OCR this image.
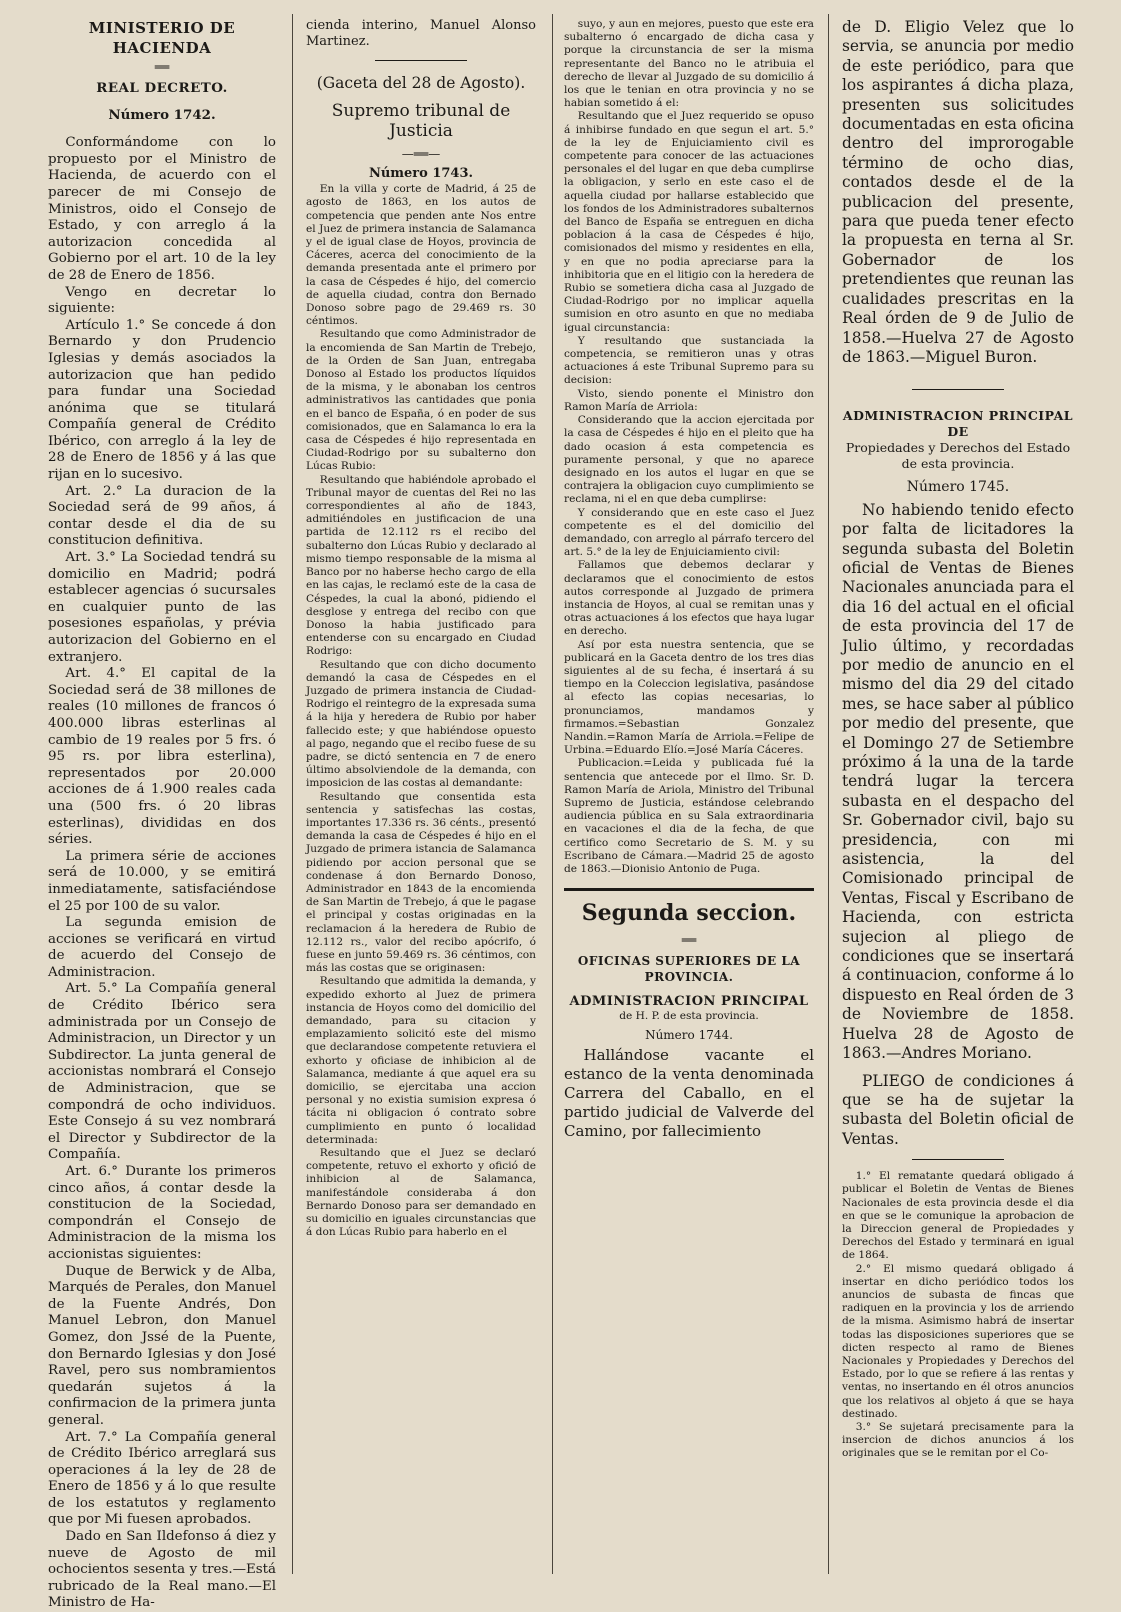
MINISTERIO DE HACIENDA

══

REAL DECRETO.

Número 1742.

Conformándome con lo propuesto por el Ministro de Hacienda, de acuerdo con el parecer de mi Consejo de Ministros, oido el Consejo de Estado, y con arreglo á la autorizacion concedida al Gobierno por el art. 10 de la ley de 28 de Enero de 1856.

Vengo en decretar lo siguiente:

Artículo 1.° Se concede á don Bernardo y don Prudencio Iglesias y demás asociados la autorizacion que han pedido para fundar una Sociedad anónima que se titulará Compañía general de Crédito Ibérico, con arreglo á la ley de 28 de Enero de 1856 y á las que rijan en lo sucesivo.

Art. 2.° La duracion de la Sociedad será de 99 años, á contar desde el dia de su constitucion definitiva.

Art. 3.° La Sociedad tendrá su domicilio en Madrid; podrá establecer agencias ó sucursales en cualquier punto de las posesiones españolas, y prévia autorizacion del Gobierno en el extranjero.

Art. 4.° El capital de la Sociedad será de 38 millones de reales (10 millones de francos ó 400.000 libras esterlinas al cambio de 19 reales por 5 frs. ó 95 rs. por libra esterlina), representados por 20.000 acciones de á 1.900 reales cada una (500 frs. ó 20 libras esterlinas), divididas en dos séries.

La primera série de acciones será de 10.000, y se emitirá inmediatamente, satisfaciéndose el 25 por 100 de su valor.

La segunda emision de acciones se verificará en virtud de acuerdo del Consejo de Administracion.

Art. 5.° La Compañía general de Crédito Ibérico sera administrada por un Consejo de Administracion, un Director y un Subdirector. La junta general de accionistas nombrará el Consejo de Administracion, que se compondrá de ocho individuos. Este Consejo á su vez nombrará el Director y Subdirector de la Compañía.

Art. 6.° Durante los primeros cinco años, á contar desde la constitucion de la Sociedad, compondrán el Consejo de Administracion de la misma los accionistas siguientes:

Duque de Berwick y de Alba, Marqués de Perales, don Manuel de la Fuente Andrés, Don Manuel Lebron, don Manuel Gomez, don Jssé de la Puente, don Bernardo Iglesias y don José Ravel, pero sus nombramientos quedarán sujetos á la confirmacion de la primera junta general.

Art. 7.° La Compañía general de Crédito Ibérico arreglará sus operaciones á la ley de 28 de Enero de 1856 y á lo que resulte de los estatutos y reglamento que por Mi fuesen aprobados.

Dado en San Ildefonso á diez y nueve de Agosto de mil ochocientos sesenta y tres.—Está rubricado de la Real mano.—El Ministro de Ha-

cienda interino, Manuel Alonso Martinez.

(Gaceta del 28 de Agosto).

Supremo tribunal de Justicia

—══—

Número 1743.

En la villa y corte de Madrid, á 25 de agosto de 1863, en los autos de competencia que penden ante Nos entre el Juez de primera instancia de Salamanca y el de igual clase de Hoyos, provincia de Cáceres, acerca del conocimiento de la demanda presentada ante el primero por la casa de Céspedes é hijo, del comercio de aquella ciudad, contra don Bernado Donoso sobre pago de 29.469 rs. 30 céntimos.

Resultando que como Administrador de la encomienda de San Martin de Trebejo, de la Orden de San Juan, entregaba Donoso al Estado los productos líquidos de la misma, y le abonaban los centros administrativos las cantidades que ponia en el banco de España, ó en poder de sus comisionados, que en Salamanca lo era la casa de Céspedes é hijo representada en Ciudad-Rodrigo por su subalterno don Lúcas Rubio:

Resultando que habiéndole aprobado el Tribunal mayor de cuentas del Rei no las correspondientes al año de 1843, admitiéndoles en justificacion de una partida de 12.112 rs el recibo del subalterno don Lúcas Rubio y declarado al mismo tiempo responsable de la misma al Banco por no haberse hecho cargo de ella en las cajas, le reclamó este de la casa de Céspedes, la cual la abonó, pidiendo el desglose y entrega del recibo con que Donoso la habia justificado para entenderse con su encargado en Ciudad Rodrigo:

Resultando que con dicho documento demandó la casa de Céspedes en el Juzgado de primera instancia de Ciudad-Rodrigo el reintegro de la expresada suma á la hija y heredera de Rubio por haber fallecido este; y que habiéndose opuesto al pago, negando que el recibo fuese de su padre, se dictó sentencia en 7 de enero último absolviendole de la demanda, con imposicion de las costas al demandante:

Resultando que consentida esta sentencia y satisfechas las costas, importantes 17.336 rs. 36 cénts., presentó demanda la casa de Céspedes é hijo en el Juzgado de primera istancia de Salamanca pidiendo por accion personal que se condenase á don Bernardo Donoso, Administrador en 1843 de la encomienda de San Martin de Trebejo, á que le pagase el principal y costas originadas en la reclamacion á la heredera de Rubio de 12.112 rs., valor del recibo apócrifo, ó fuese en junto 59.469 rs. 36 céntimos, con más las costas que se originasen:

Resultando que admitida la demanda, y expedido exhorto al Juez de primera instancia de Hoyos como del domicilio del demandado, para su citacion y emplazamiento solicitó este del mismo que declarandose competente retuviera el exhorto y oficiase de inhibicion al de Salamanca, mediante á que aquel era su domicilio, se ejercitaba una accion personal y no existia sumision expresa ó tácita ni obligacion ó contrato sobre cumplimiento en punto ó localidad determinada:

Resultando que el Juez se declaró competente, retuvo el exhorto y ofició de inhibicion al de Salamanca, manifestándole consideraba á don Bernardo Donoso para ser demandado en su domicilio en iguales circunstancias que á don Lúcas Rubio para haberlo en el

suyo, y aun en mejores, puesto que este era subalterno ó encargado de dicha casa y porque la circunstancia de ser la misma representante del Banco no le atribuia el derecho de llevar al Juzgado de su domicilio á los que le tenian en otra provincia y no se habian sometido á el:

Resultando que el Juez requerido se opuso á inhibirse fundado en que segun el art. 5.° de la ley de Enjuiciamiento civil es competente para conocer de las actuaciones personales el del lugar en que deba cumplirse la obligacion, y serlo en este caso el de aquella ciudad por hallarse establecido que los fondos de los Administradores subalternos del Banco de España se entreguen en dicha poblacion á la casa de Céspedes é hijo, comisionados del mismo y residentes en ella, y en que no podia apreciarse para la inhibitoria que en el litigio con la heredera de Rubio se sometiera dicha casa al Juzgado de Ciudad-Rodrigo por no implicar aquella sumision en otro asunto en que no mediaba igual circunstancia:

Y resultando que sustanciada la competencia, se remitieron unas y otras actuaciones á este Tribunal Supremo para su decision:

Visto, siendo ponente el Ministro don Ramon María de Arriola:

Considerando que la accion ejercitada por la casa de Céspedes é hijo en el pleito que ha dado ocasion á esta competencia es puramente personal, y que no aparece designado en los autos el lugar en que se contrajera la obligacion cuyo cumplimiento se reclama, ni el en que deba cumplirse:

Y considerando que en este caso el Juez competente es el del domicilio del demandado, con arreglo al párrafo tercero del art. 5.° de la ley de Enjuiciamiento civil:

Fallamos que debemos declarar y declaramos que el conocimiento de estos autos corresponde al Juzgado de primera instancia de Hoyos, al cual se remitan unas y otras actuaciones á los efectos que haya lugar en derecho.

Así por esta nuestra sentencia, que se publicará en la Gaceta dentro de los tres dias siguientes al de su fecha, é insertará á su tiempo en la Coleccion legislativa, pasándose al efecto las copias necesarias, lo pronunciamos, mandamos y firmamos.=Sebastian Gonzalez Nandin.=Ramon María de Arriola.=Felipe de Urbina.=Eduardo Elío.=José María Cáceres.

Publicacion.=Leida y publicada fué la sentencia que antecede por el Ilmo. Sr. D. Ramon María de Ariola, Ministro del Tribunal Supremo de Justicia, estándose celebrando audiencia pública en su Sala extraordinaria en vacaciones el dia de la fecha, de que certifico como Secretario de S. M. y su Escribano de Cámara.—Madrid 25 de agosto de 1863.—Dionisio Antonio de Puga.

Segunda seccion.

══

OFICINAS SUPERIORES DE LA PROVINCIA.

ADMINISTRACION PRINCIPAL

de H. P. de esta provincia.

Número 1744.

Hallándose vacante el estanco de la venta denominada Carrera del Caballo, en el partido judicial de Valverde del Camino, por fallecimiento

de D. Eligio Velez que lo servia, se anuncia por medio de este periódico, para que los aspirantes á dicha plaza, presenten sus solicitudes documentadas en esta oficina dentro del improrogable término de ocho dias, contados desde el de la publicacion del presente, para que pueda tener efecto la propuesta en terna al Sr. Gobernador de los pretendientes que reunan las cualidades prescritas en la Real órden de 9 de Julio de 1858.—Huelva 27 de Agosto de 1863.—Miguel Buron.

ADMINISTRACION PRINCIPAL DE

Propiedades y Derechos del Estado de esta provincia.

Número 1745.

No habiendo tenido efecto por falta de licitadores la segunda subasta del Boletin oficial de Ventas de Bienes Nacionales anunciada para el dia 16 del actual en el oficial de esta provincia del 17 de Julio último, y recordadas por medio de anuncio en el mismo del dia 29 del citado mes, se hace saber al público por medio del presente, que el Domingo 27 de Setiembre próximo á la una de la tarde tendrá lugar la tercera subasta en el despacho del Sr. Gobernador civil, bajo su presidencia, con mi asistencia, la del Comisionado principal de Ventas, Fiscal y Escribano de Hacienda, con estricta sujecion al pliego de condiciones que se insertará á continuacion, conforme á lo dispuesto en Real órden de 3 de Noviembre de 1858. Huelva 28 de Agosto de 1863.—Andres Moriano.

PLIEGO de condiciones á que se ha de sujetar la subasta del Boletin oficial de Ventas.

1.° El rematante quedará obligado á publicar el Boletin de Ventas de Bienes Nacionales de esta provincia desde el dia en que se le comunique la aprobacion de la Direccion general de Propiedades y Derechos del Estado y terminará en igual de 1864.

2.° El mismo quedará obligado á insertar en dicho periódico todos los anuncios de subasta de fincas que radiquen en la provincia y los de arriendo de la misma. Asimismo habrá de insertar todas las disposiciones superiores que se dicten respecto al ramo de Bienes Nacionales y Propiedades y Derechos del Estado, por lo que se refiere á las rentas y ventas, no insertando en él otros anuncios que los relativos al objeto á que se haya destinado.

3.° Se sujetará precisamente para la insercion de dichos anuncios á los originales que se le remitan por el Co-
